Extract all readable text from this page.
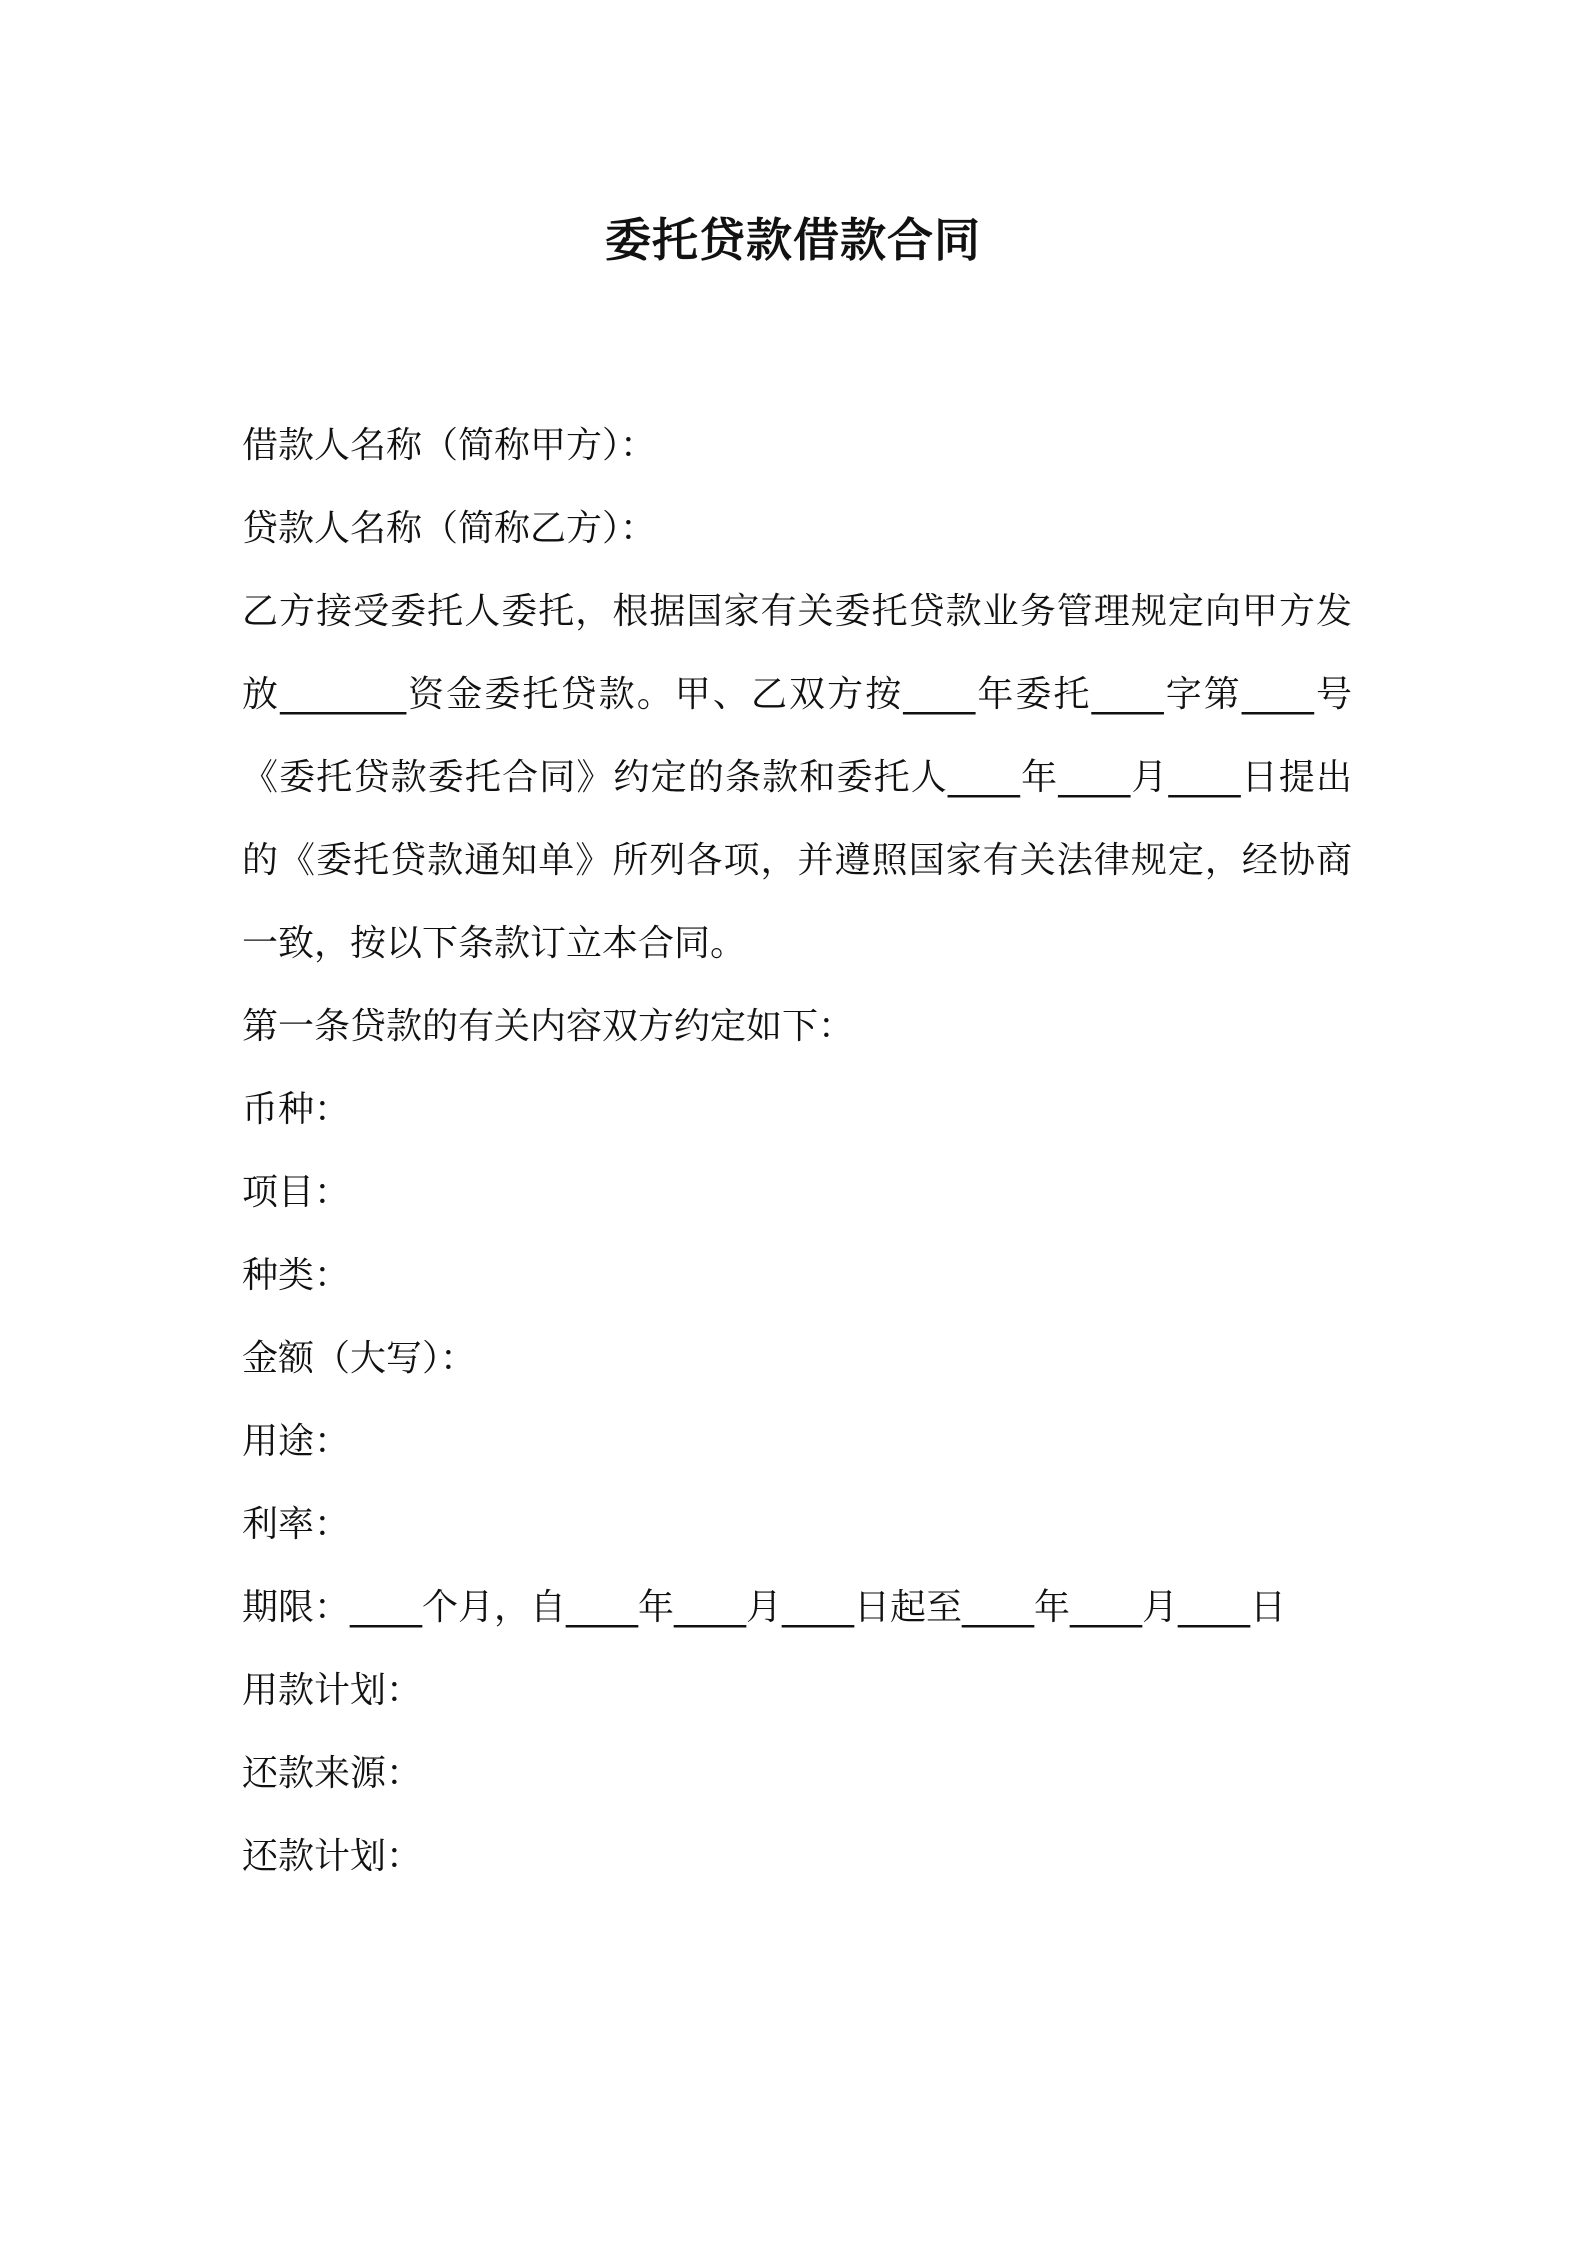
委托贷款借款合同

借款人名称（简称甲方）：

贷款人名称（简称乙方）：

乙方接受委托人委托，根据国家有关委托贷款业务管理规定向甲方发放_______资金委托贷款。甲、乙双方按____年委托____字第____号《委托贷款委托合同》约定的条款和委托人____年____月____日提出的《委托贷款通知单》所列各项，并遵照国家有关法律规定，经协商一致，按以下条款订立本合同。

第一条贷款的有关内容双方约定如下：

币种：

项目：

种类：

金额（大写）：

用途：

利率：

期限：____个月，自____年____月____日起至____年____月____日

用款计划：

还款来源：

还款计划：
